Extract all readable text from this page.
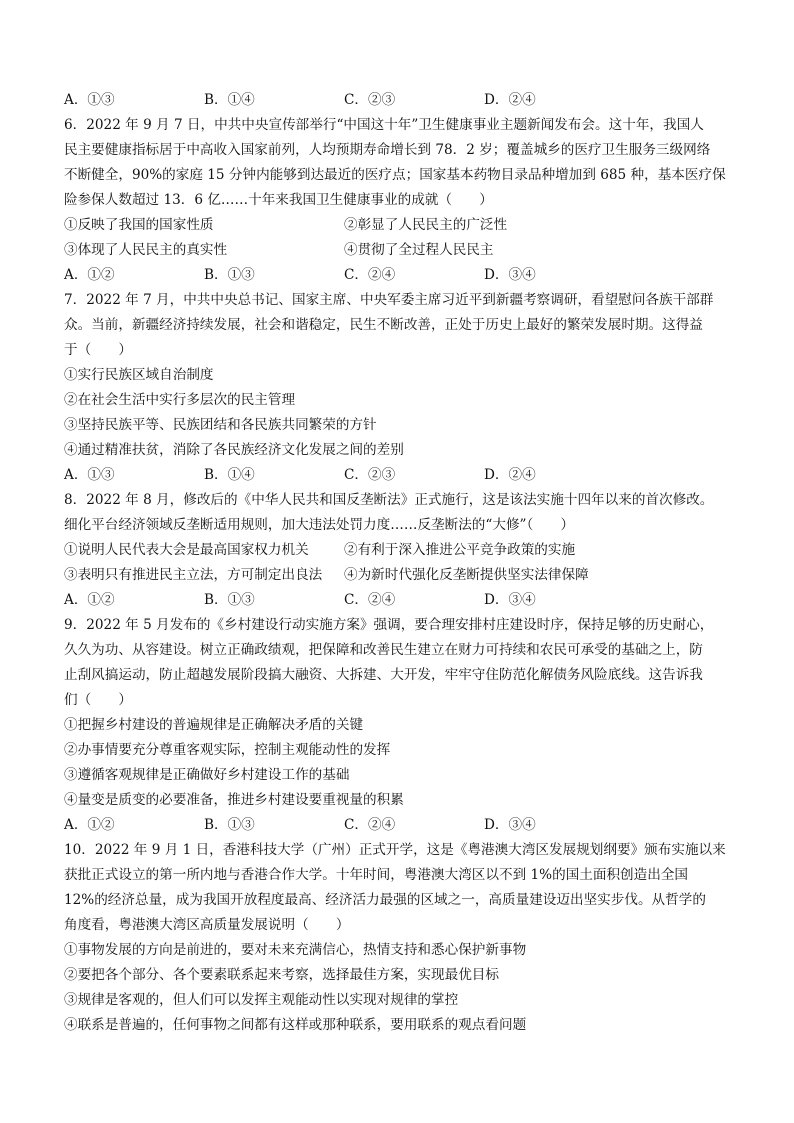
A．①③	B．①④	C．②③	D．②④
6．2022 年 9 月 7 日，中共中央宣传部举行“中国这十年”卫生健康事业主题新闻发布会。这十年，我国人
民主要健康指标居于中高收入国家前列，人均预期寿命增长到 78．2 岁；覆盖城乡的医疗卫生服务三级网络
不断健全，90%的家庭 15 分钟内能够到达最近的医疗点；国家基本药物目录品种增加到 685 种，基本医疗保
险参保人数超过 13．6 亿……十年来我国卫生健康事业的成就（　　）
①反映了我国的国家性质	②彰显了人民民主的广泛性
③体现了人民民主的真实性	④贯彻了全过程人民民主
A．①②	B．①③	C．②④	D．③④
7．2022 年 7 月，中共中央总书记、国家主席、中央军委主席习近平到新疆考察调研，看望慰问各族干部群
众。当前，新疆经济持续发展，社会和谐稳定，民生不断改善，正处于历史上最好的繁荣发展时期。这得益
于（　　）
①实行民族区域自治制度
②在社会生活中实行多层次的民主管理
③坚持民族平等、民族团结和各民族共同繁荣的方针
④通过精准扶贫，消除了各民族经济文化发展之间的差别
A．①③	B．①④	C．②③	D．②④
8．2022 年 8 月，修改后的《中华人民共和国反垄断法》正式施行，这是该法实施十四年以来的首次修改。
细化平台经济领域反垄断适用规则，加大违法处罚力度……反垄断法的“大修”（　　）
①说明人民代表大会是最高国家权力机关	②有利于深入推进公平竞争政策的实施
③表明只有推进民主立法，方可制定出良法 ④为新时代强化反垄断提供坚实法律保障
A．①②	B．①③	C．②④	D．③④
9．2022 年 5 月发布的《乡村建设行动实施方案》强调，要合理安排村庄建设时序，保持足够的历史耐心，
久久为功、从容建设。树立正确政绩观，把保障和改善民生建立在财力可持续和农民可承受的基础之上，防
止刮风搞运动，防止超越发展阶段搞大融资、大拆建、大开发，牢牢守住防范化解债务风险底线。这告诉我
们（　　）
①把握乡村建设的普遍规律是正确解决矛盾的关键
②办事情要充分尊重客观实际，控制主观能动性的发挥
③遵循客观规律是正确做好乡村建设工作的基础
④量变是质变的必要准备，推进乡村建设要重视量的积累
A．①②	B．①③	C．②④	D．③④
10．2022 年 9 月 1 日，香港科技大学（广州）正式开学，这是《粤港澳大湾区发展规划纲要》颁布实施以来
获批正式设立的第一所内地与香港合作大学。十年时间，粤港澳大湾区以不到 1%的国土面积创造出全国
12%的经济总量，成为我国开放程度最高、经济活力最强的区域之一，高质量建设迈出坚实步伐。从哲学的
角度看，粤港澳大湾区高质量发展说明（　　）
①事物发展的方向是前进的，要对未来充满信心，热情支持和悉心保护新事物
②要把各个部分、各个要素联系起来考察，选择最佳方案，实现最优目标
③规律是客观的，但人们可以发挥主观能动性以实现对规律的掌控
④联系是普遍的，任何事物之间都有这样或那种联系，要用联系的观点看问题
